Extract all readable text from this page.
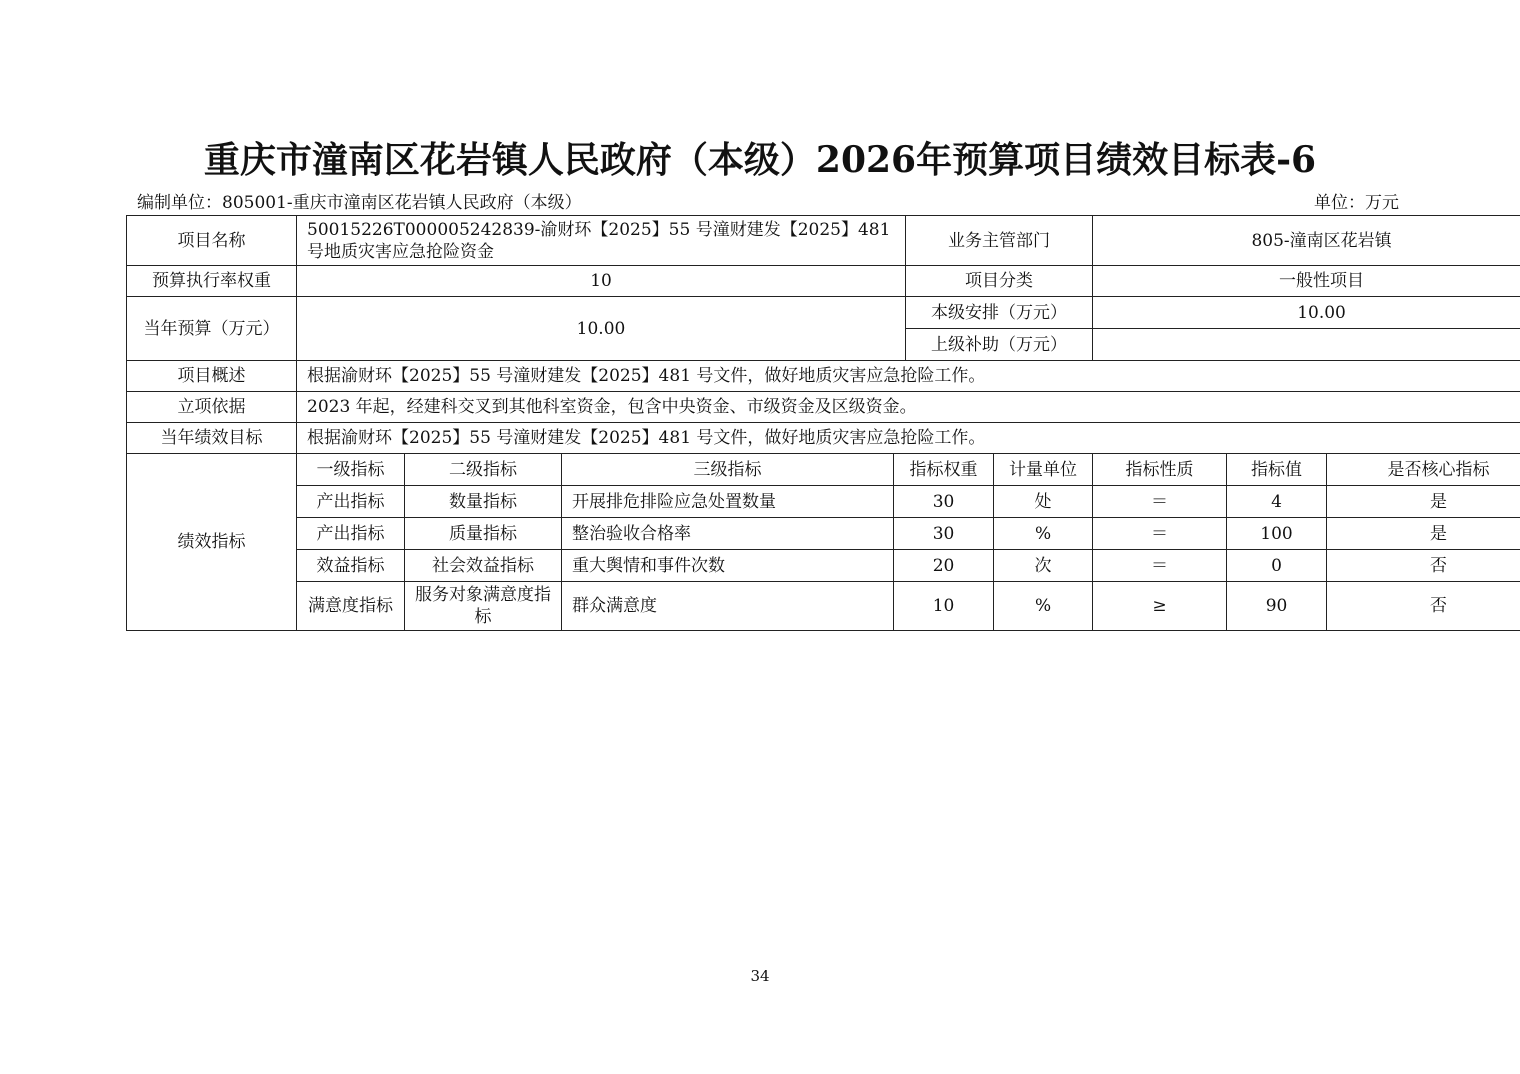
重庆市潼南区花岩镇人民政府（本级）2026年预算项目绩效目标表-6
编制单位：805001-重庆市潼南区花岩镇人民政府（本级）	单位：万元
项目名称	50015226T000005242839-渝财环【2025】55 号潼财建发【2025】481 号地质灾害应急抢险资金				业务主管部门		805-潼南区花岩镇		
预算执行率权重	10				项目分类		一般性项目		
当年预算（万元）	10.00				本级安排（万元）		10.00		
					上级补助（万元）				
项目概述	根据渝财环【2025】55 号潼财建发【2025】481 号文件，做好地质灾害应急抢险工作。								
立项依据	2023 年起，经建科交叉到其他科室资金，包含中央资金、市级资金及区级资金。								
当年绩效目标	根据渝财环【2025】55 号潼财建发【2025】481 号文件，做好地质灾害应急抢险工作。								
绩效指标	一级指标	二级指标	三级指标	指标权重		计量单位	指标性质	指标值	是否核心指标
	产出指标	数量指标	开展排危排险应急处置数量	30		处	＝	4	是
	产出指标	质量指标	整治验收合格率	30		%	＝	100	是
	效益指标	社会效益指标	重大舆情和事件次数	20		次	＝	0	否
	满意度指标	服务对象满意度指标	群众满意度	10		%	≥	90	否
34
